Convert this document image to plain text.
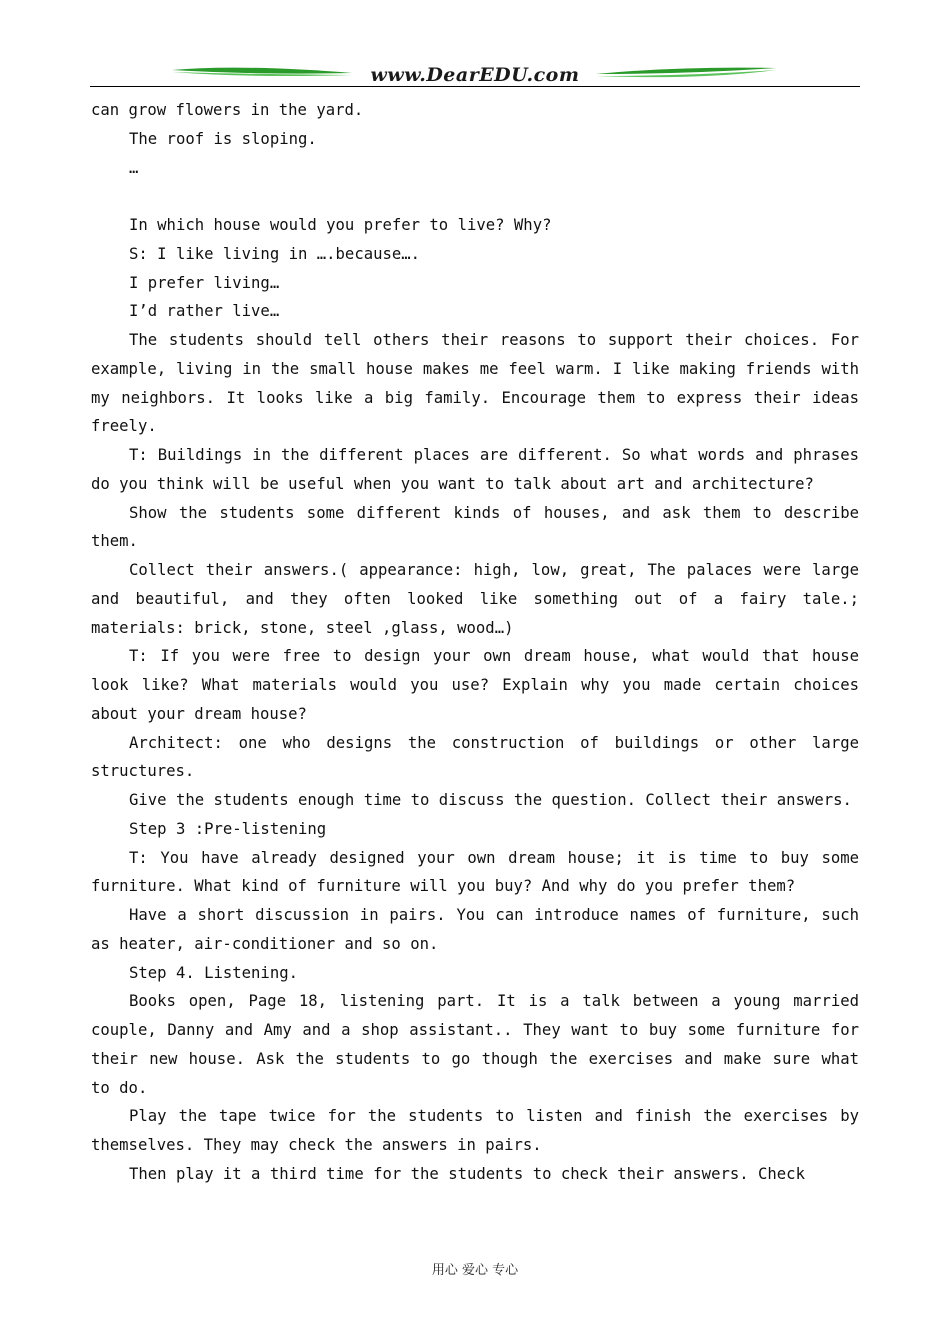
www.DearEDU.com

can grow flowers in the yard.

The roof is sloping.

…

In which house would you prefer to live? Why?

S: I like living in ….because….

I prefer living…

I’d rather live…

The students should tell others their reasons to support their choices. For example, living in the small house makes me feel warm. I like making friends with my neighbors. It looks like a big family. Encourage them to express their ideas freely.

T: Buildings in the different places are different. So what words and phrases do you think will be useful when you want to talk about art and architecture?

Show the students some different kinds of houses, and ask them to describe them.

Collect their answers.( appearance: high, low, great, The palaces were large and beautiful, and they often looked like something out of a fairy tale.; materials: brick, stone, steel ,glass, wood…)

T: If you were free to design your own dream house, what would that house look like? What materials would you use? Explain why you made certain choices about your dream house?

Architect: one who designs the construction of buildings or other large structures.

Give the students enough time to discuss the question. Collect their answers.

Step 3 :Pre-listening

T: You have already designed your own dream house; it is time to buy some furniture. What kind of furniture will you buy? And why do you prefer them?

Have a short discussion in pairs. You can introduce names of furniture, such as heater, air-conditioner and so on.

Step 4. Listening.

Books open, Page 18, listening part. It is a talk between a young married couple, Danny and Amy and a shop assistant.. They want to buy some furniture for their new house. Ask the students to go though the exercises and make sure what to do.

Play the tape twice for the students to listen and finish the exercises by themselves. They may check the answers in pairs.

Then play it a third time for the students to check their answers. Check

用心 爱心 专心
